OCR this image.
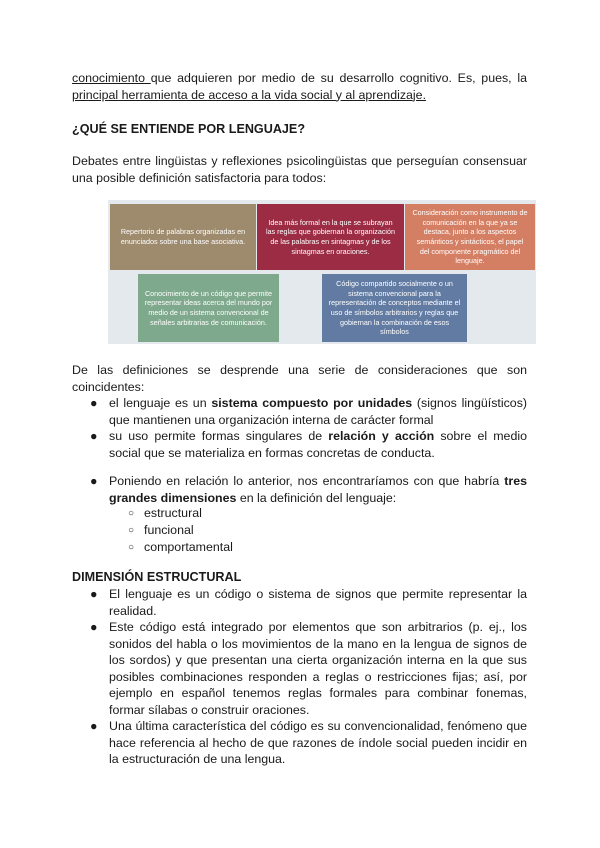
conocimiento que adquieren por medio de su desarrollo cognitivo. Es, pues, la principal herramienta de acceso a la vida social y al aprendizaje.
¿QUÉ SE ENTIENDE POR LENGUAJE?
Debates entre lingüistas y reflexiones psicolingüistas que perseguían consensuar una posible definición satisfactoria para todos:
Repertorio de palabras organizadas en enunciados sobre una base asociativa.
Idea más formal en la que se subrayan las reglas que gobiernan la organización de las palabras en sintagmas y de los sintagmas en oraciones.
Consideración como instrumento de comunicación en la que ya se destaca, junto a los aspectos semánticos y sintácticos, el papel del componente pragmático del lenguaje.
Conocimiento de un código que permite representar ideas acerca del mundo por medio de un sistema convencional de señales arbitrarias de comunicación.
Código compartido socialmente o un sistema convencional para la representación de conceptos mediante el uso de símbolos arbitrarios y reglas que gobiernan la combinación de esos símbolos
De las definiciones se desprende una serie de consideraciones que son coincidentes:
● el lenguaje es un sistema compuesto por unidades (signos lingüísticos) que mantienen una organización interna de carácter formal
● su uso permite formas singulares de relación y acción sobre el medio social que se materializa en formas concretas de conducta.
● Poniendo en relación lo anterior, nos encontraríamos con que habría tres grandes dimensiones en la definición del lenguaje:
○ estructural
○ funcional
○ comportamental
DIMENSIÓN ESTRUCTURAL
● El lenguaje es un código o sistema de signos que permite representar la realidad.
● Este código está integrado por elementos que son arbitrarios (p. ej., los sonidos del habla o los movimientos de la mano en la lengua de signos de los sordos) y que presentan una cierta organización interna en la que sus posibles combinaciones responden a reglas o restricciones fijas; así, por ejemplo en español tenemos reglas formales para combinar fonemas, formar sílabas o construir oraciones.
● Una última característica del código es su convencionalidad, fenómeno que hace referencia al hecho de que razones de índole social pueden incidir en la estructuración de una lengua.
